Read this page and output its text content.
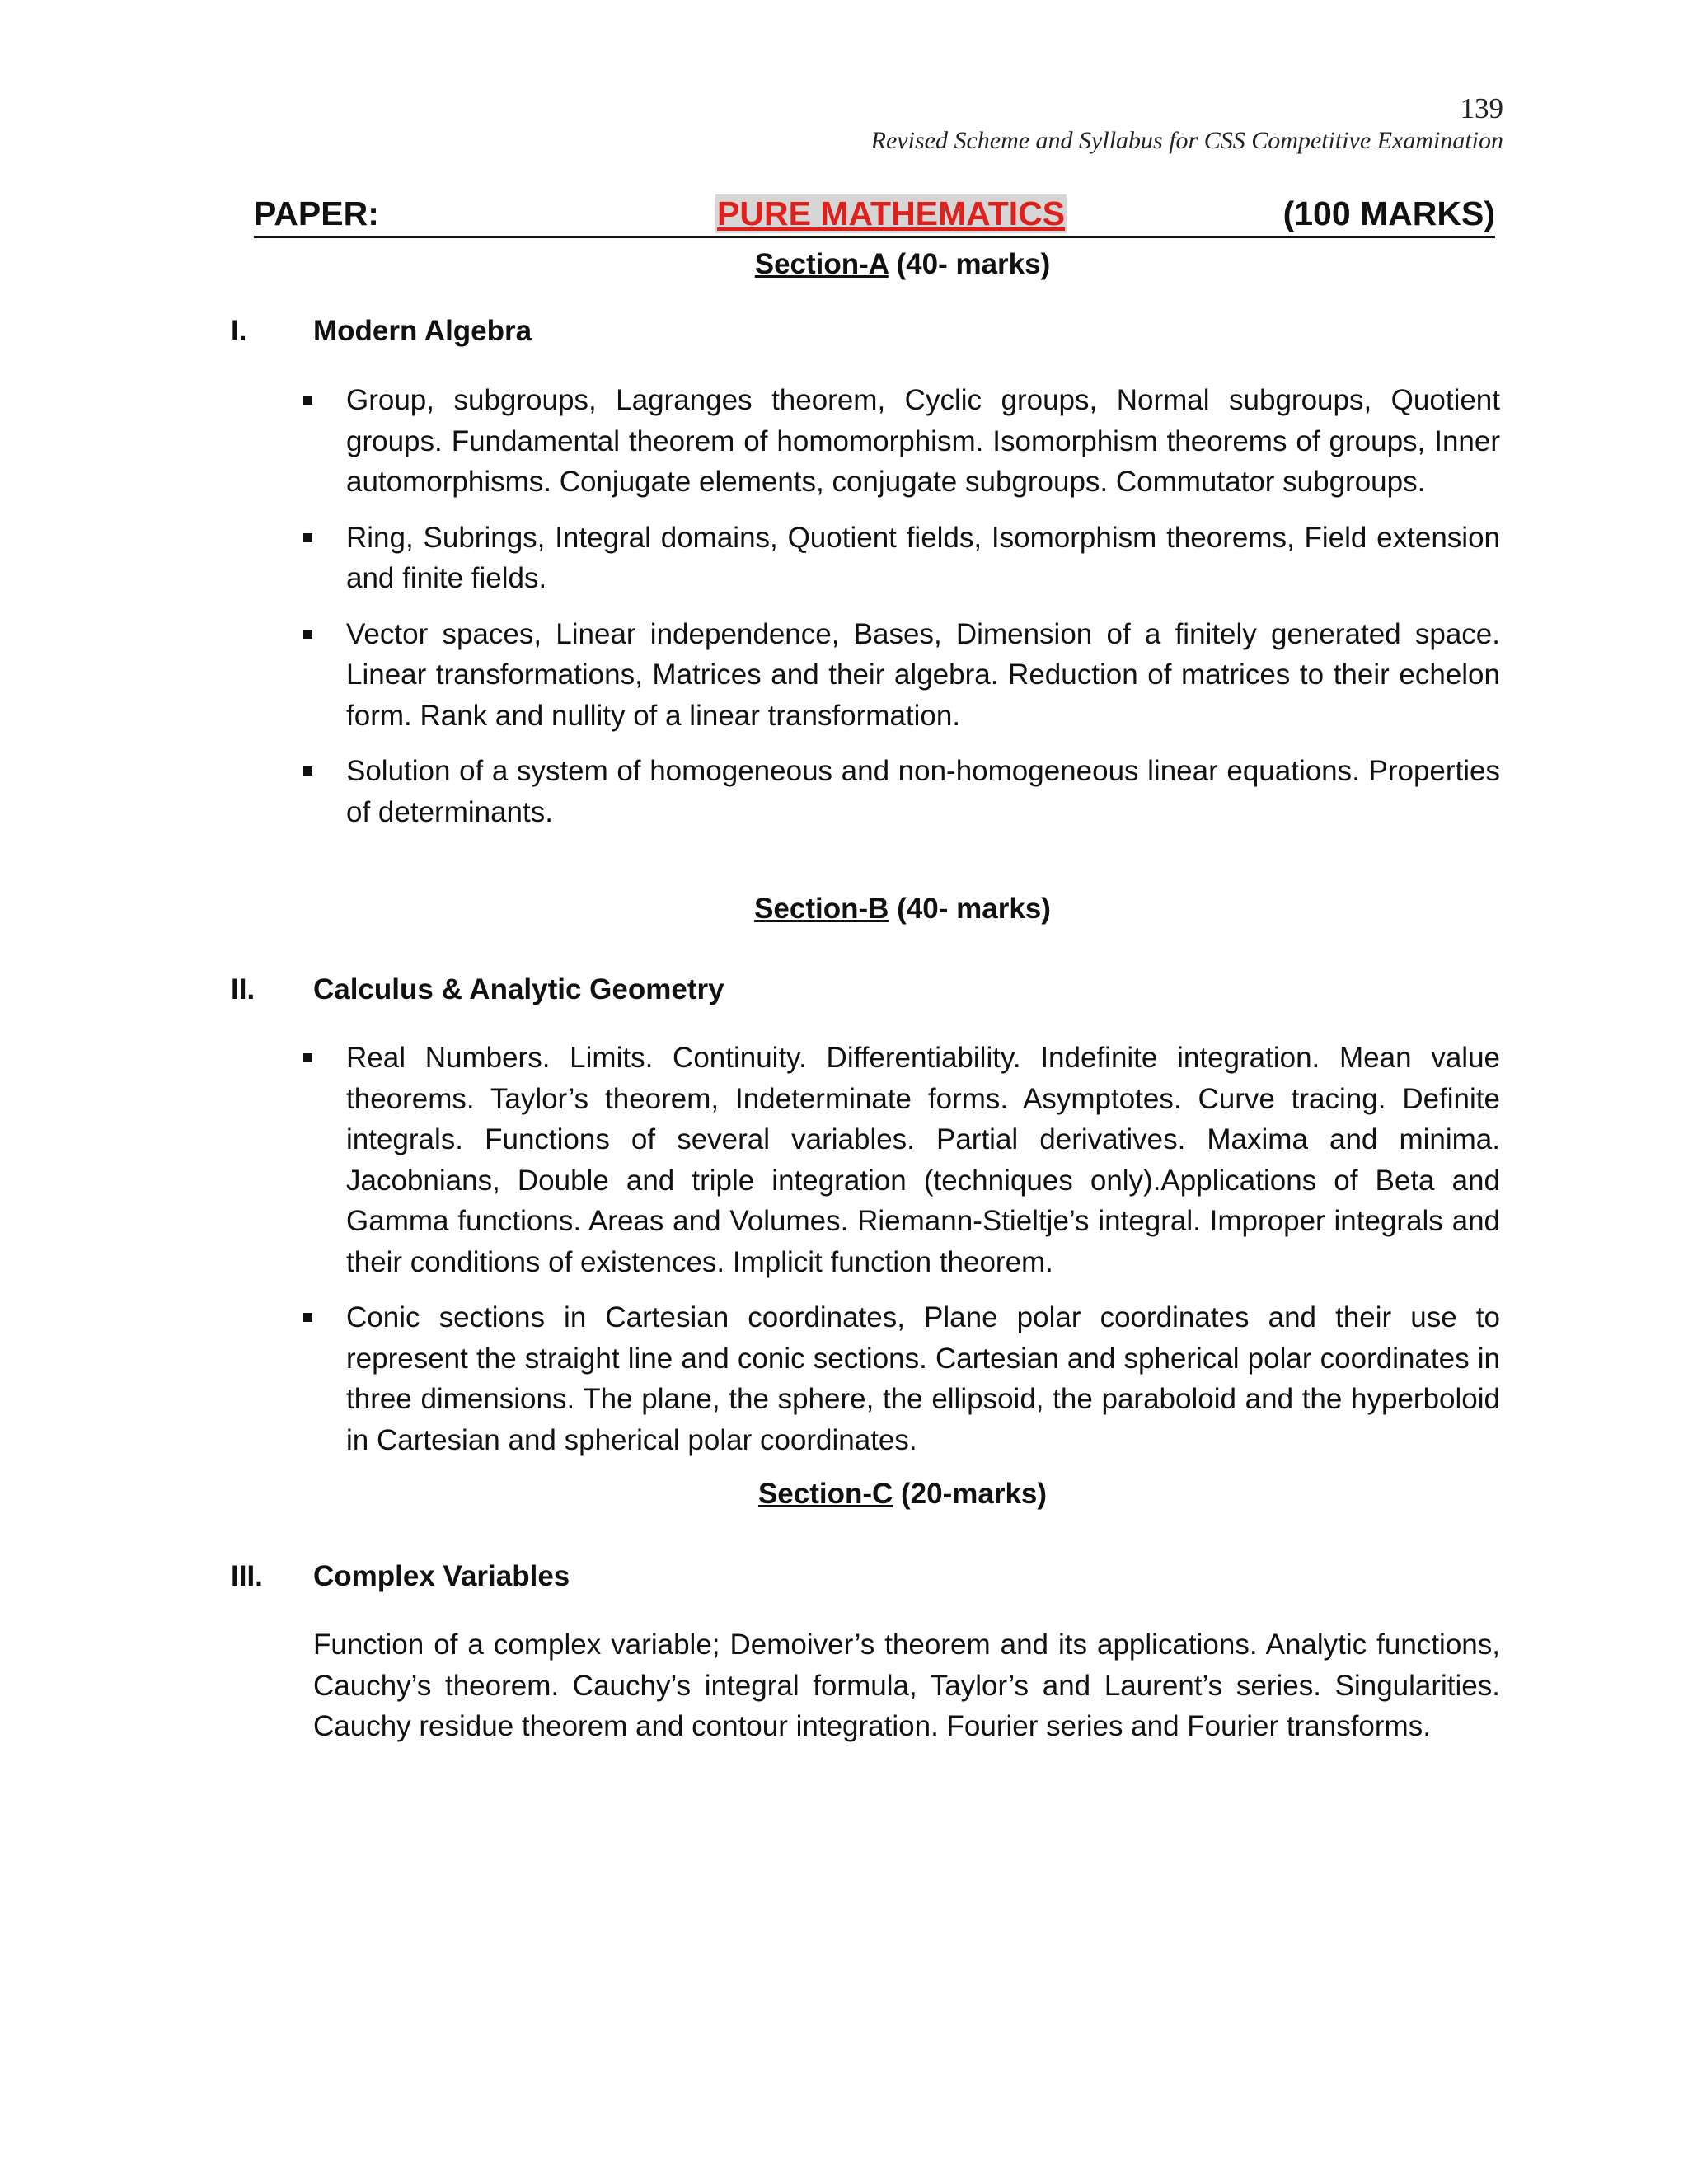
139
Revised Scheme and Syllabus for CSS Competitive Examination
PAPER:	PURE MATHEMATICS	(100 MARKS)
Section-A (40- marks)
I. Modern Algebra
Group, subgroups, Lagranges theorem, Cyclic groups, Normal subgroups, Quotient groups. Fundamental theorem of homomorphism. Isomorphism theorems of groups, Inner automorphisms. Conjugate elements, conjugate subgroups. Commutator subgroups.
Ring, Subrings, Integral domains, Quotient fields, Isomorphism theorems, Field extension and finite fields.
Vector spaces, Linear independence, Bases, Dimension of a finitely generated space. Linear transformations, Matrices and their algebra. Reduction of matrices to their echelon form. Rank and nullity of a linear transformation.
Solution of a system of homogeneous and non-homogeneous linear equations. Properties of determinants.
Section-B (40- marks)
II. Calculus & Analytic Geometry
Real Numbers. Limits. Continuity. Differentiability. Indefinite integration. Mean value theorems. Taylor’s theorem, Indeterminate forms. Asymptotes. Curve tracing. Definite integrals. Functions of several variables. Partial derivatives. Maxima and minima. Jacobnians, Double and triple integration (techniques only).Applications of Beta and Gamma functions. Areas and Volumes. Riemann-Stieltje’s integral. Improper integrals and their conditions of existences. Implicit function theorem.
Conic sections in Cartesian coordinates, Plane polar coordinates and their use to represent the straight line and conic sections. Cartesian and spherical polar coordinates in three dimensions. The plane, the sphere, the ellipsoid, the paraboloid and the hyperboloid in Cartesian and spherical polar coordinates.
Section-C (20-marks)
III. Complex Variables
Function of a complex variable; Demoiver’s theorem and its applications. Analytic functions, Cauchy’s theorem. Cauchy’s integral formula, Taylor’s and Laurent’s series. Singularities. Cauchy residue theorem and contour integration. Fourier series and Fourier transforms.
